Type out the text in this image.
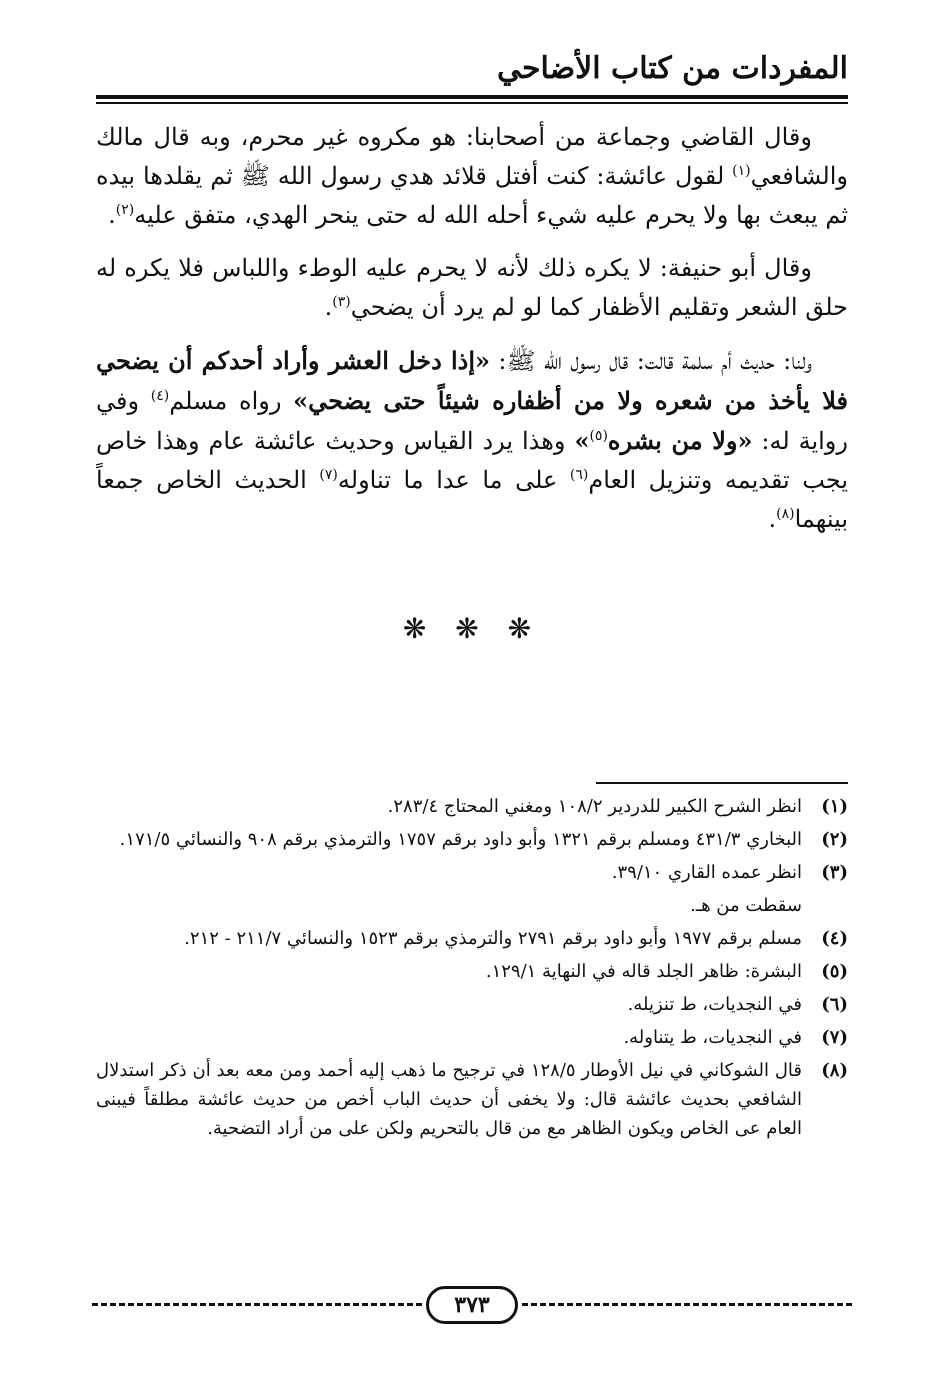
المفردات من كتاب الأضاحي

وقال القاضي وجماعة من أصحابنا: هو مكروه غير محرم، وبه قال مالك والشافعي$^{(١)}$ لقول عائشة: كنت أفتل قلائد هدي رسول الله ﷺ ثم يقلدها بيده ثم يبعث بها ولا يحرم عليه شيء أحله الله له حتى ينحر الهدي، متفق عليه$^{(٢)}$.

وقال أبو حنيفة: لا يكره ذلك لأنه لا يحرم عليه الوطء واللباس فلا يكره له حلق الشعر وتقليم الأظفار كما لو لم يرد أن يضحي$^{(٣)}$.

ولنا: حديث أم سلمة قالت: قال رسول الله ﷺ: «إذا دخل العشر وأراد أحدكم أن يضحي فلا يأخذ من شعره ولا من أظفاره شيئاً حتى يضحي» رواه مسلم$^{(٤)}$ وفي رواية له: «ولا من بشره$^{(٥)}$» وهذا يرد القياس وحديث عائشة عام وهذا خاص يجب تقديمه وتنزيل العام$^{(٦)}$ على ما عدا ما تناوله$^{(٧)}$ الحديث الخاص جمعاً بينهما$^{(٨)}$.

❋ ❋ ❋
(١)
انظر الشرح الكبير للدردير ١٠٨/٢ ومغني المحتاج ٢٨٣/٤.
(٢)
البخاري ٤٣١/٣ ومسلم برقم ١٣٢١ وأبو داود برقم ١٧٥٧ والترمذي برقم ٩٠٨ والنسائي ١٧١/٥.
(٣)
انظر عمده القاري ٣٩/١٠.
سقطت من هـ.
(٤)
مسلم برقم ١٩٧٧ وأبو داود برقم ٢٧٩١ والترمذي برقم ١٥٢٣ والنسائي ٢١١/٧ - ٢١٢.
(٥)
البشرة: ظاهر الجلد قاله في النهاية ١٢٩/١.
(٦)
في النجديات، ط تنزيله.
(٧)
في النجديات، ط يتناوله.
(٨)
قال الشوكاني في نيل الأوطار ١٢٨/٥ في ترجيح ما ذهب إليه أحمد ومن معه بعد أن ذكر استدلال الشافعي بحديث عائشة قال: ولا يخفى أن حديث الباب أخص من حديث عائشة مطلقاً فيبنى العام عى الخاص ويكون الظاهر مع من قال بالتحريم ولكن على من أراد التضحية.
٣٧٣
